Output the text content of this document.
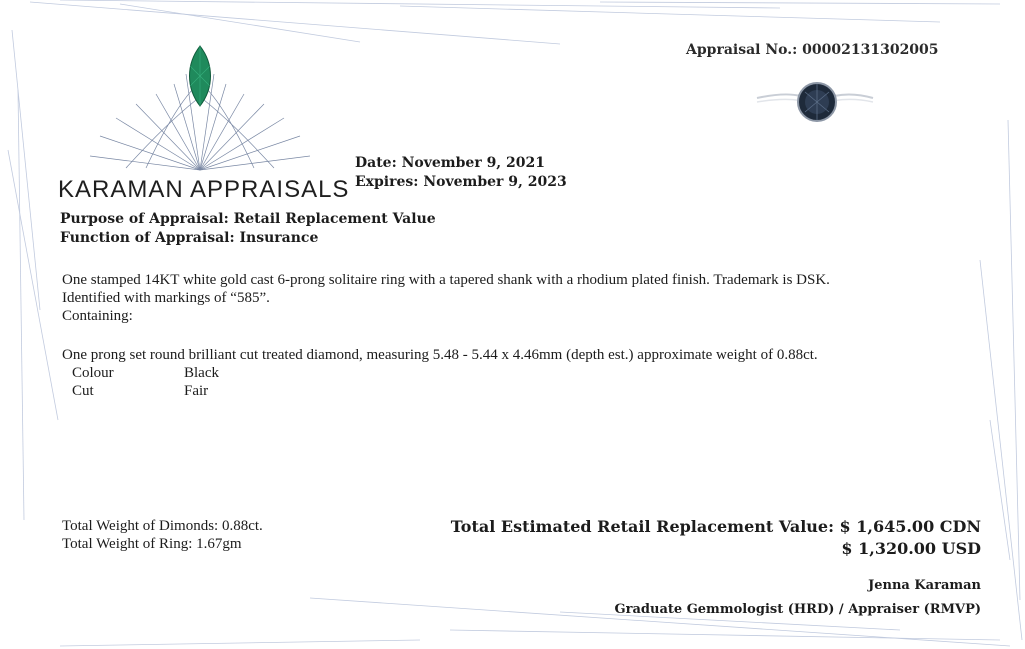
Appraisal No.: 00002131302005
KARAMAN APPRAISALS
Date: November 9, 2021
Expires: November 9, 2023
Purpose of Appraisal: Retail Replacement Value
Function of Appraisal: Insurance
One stamped 14KT white gold cast 6-prong solitaire ring with a tapered shank with a rhodium plated finish. Trademark is DSK.
Identified with markings of “585”.
Containing:
One prong set round brilliant cut treated diamond, measuring 5.48 - 5.44 x 4.46mm (depth est.) approximate weight of 0.88ct.
Colour	Black
Cut	Fair
Total Weight of Dimonds: 0.88ct.
Total Weight of Ring: 1.67gm
Total Estimated Retail Replacement Value: $ 1,645.00 CDN
$ 1,320.00 USD
Jenna Karaman
Graduate Gemmologist (HRD) / Appraiser (RMVP)
